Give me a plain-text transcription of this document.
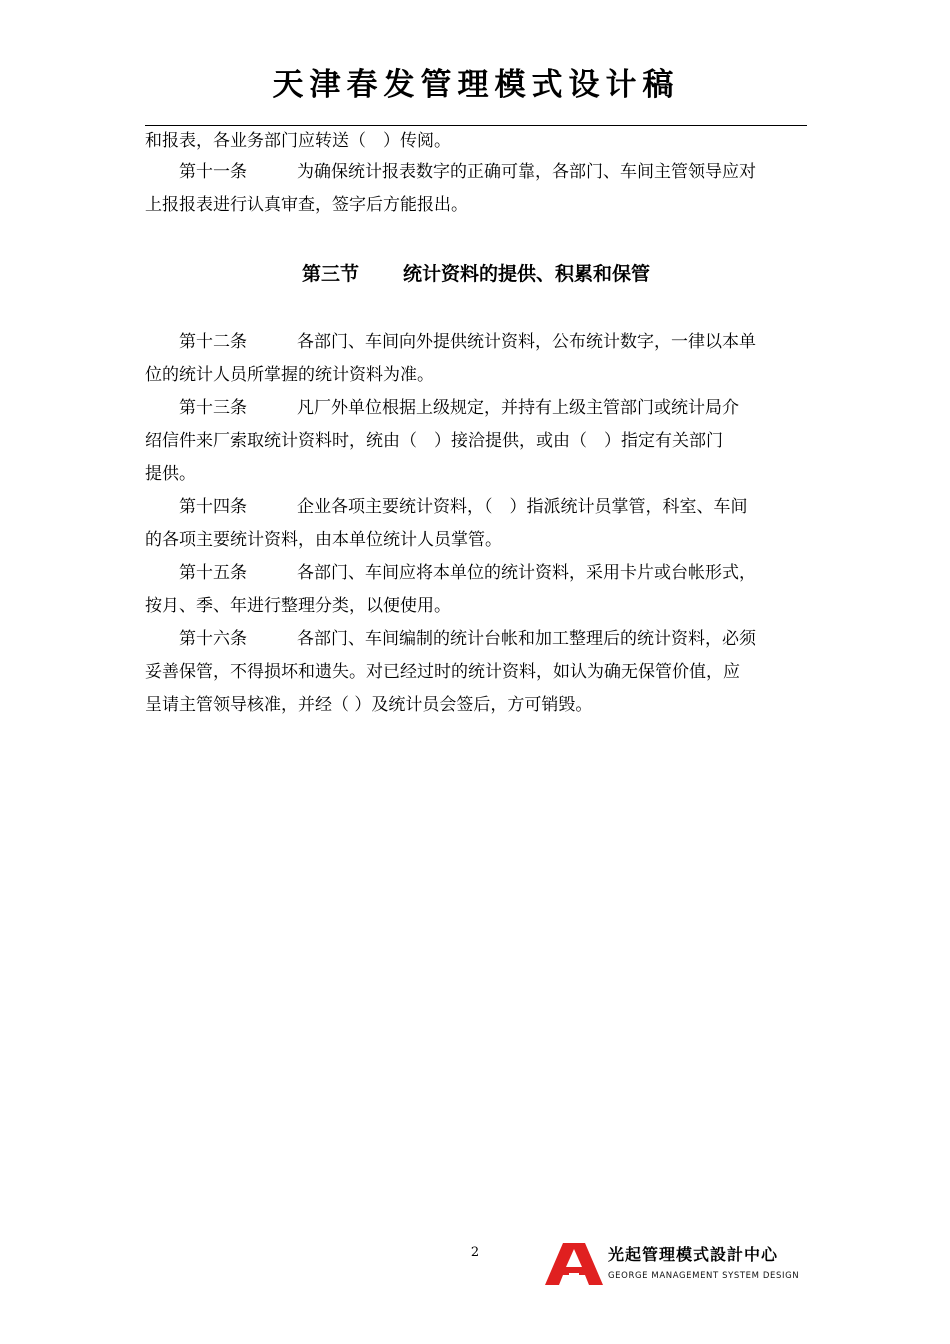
天津春发管理模式设计稿
和报表，各业务部门应转送（　）传阅。
第十一条	为确保统计报表数字的正确可靠，各部门、车间主管领导应对
上报报表进行认真审查，签字后方能报出。
第三节 统计资料的提供、积累和保管
第十二条	各部门、车间向外提供统计资料，公布统计数字，一律以本单
位的统计人员所掌握的统计资料为准。
第十三条	凡厂外单位根据上级规定，并持有上级主管部门或统计局介
绍信件来厂索取统计资料时，统由（　）接洽提供，或由（　）指定有关部门
提供。
第十四条	企业各项主要统计资料，（　）指派统计员掌管，科室、车间
的各项主要统计资料，由本单位统计人员掌管。
第十五条	各部门、车间应将本单位的统计资料，采用卡片或台帐形式，
按月、季、年进行整理分类，以便使用。
第十六条	各部门、车间编制的统计台帐和加工整理后的统计资料，必须
妥善保管，不得损坏和遗失。对已经过时的统计资料，如认为确无保管价值，应
呈请主管领导核准，并经（ ）及统计员会签后，方可销毁。
2	光起管理模式設計中心
GEORGE MANAGEMENT SYSTEM DESIGN
